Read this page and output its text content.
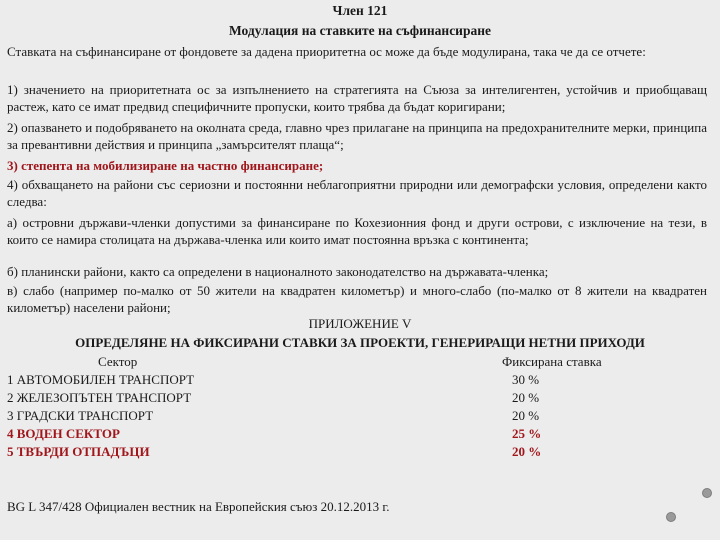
Член 121
Модулация на ставките на съфинансиране

Ставката на съфинансиране от фондовете за дадена приоритетна ос може да бъде модулирана, така че да се отчете:

1) значението на приоритетната ос за изпълнението на стратегията на Съюза за интелигентен, устойчив и приобщаващ растеж, като се имат предвид специфичните пропуски, които трябва да бъдат коригирани;

2) опазването и подобряването на околната среда, главно чрез прилагане на принципа на предохранителните мерки, принципа за превантивни действия и принципа „замърсителят плаща“;

3) степента на мобилизиране на частно финансиране;

4) обхващането на райони със сериозни и постоянни неблагоприятни природни или демографски условия, определени както следва:

а) островни държави-членки допустими за финансиране по Кохезионния фонд и други острови, с изключение на тези, в които се намира столицата на държава-членка или които имат постоянна връзка с континента;

б) планински райони, както са определени в националното законодателство на държавата-членка;

в) слабо (например по-малко от 50 жители на квадратен километър) и много-слабо (по-малко от 8 жители на квадратен километър) населени райони;

ПРИЛОЖЕНИЕ V
ОПРЕДЕЛЯНЕ НА ФИКСИРАНИ СТАВКИ ЗА ПРОЕКТИ, ГЕНЕРИРАЩИ НЕТНИ ПРИХОДИ
Сектор	Фиксирана ставка
1 АВТОМОБИЛЕН ТРАНСПОРТ	30 %
2 ЖЕЛЕЗОПЪТЕН ТРАНСПОРТ	20 %
3 ГРАДСКИ ТРАНСПОРТ	20 %
4 ВОДЕН СЕКТОР	25 %
5 ТВЪРДИ ОТПАДЪЦИ	20 %
BG L 347/428 Официален вестник на Европейския съюз 20.12.2013 г.
